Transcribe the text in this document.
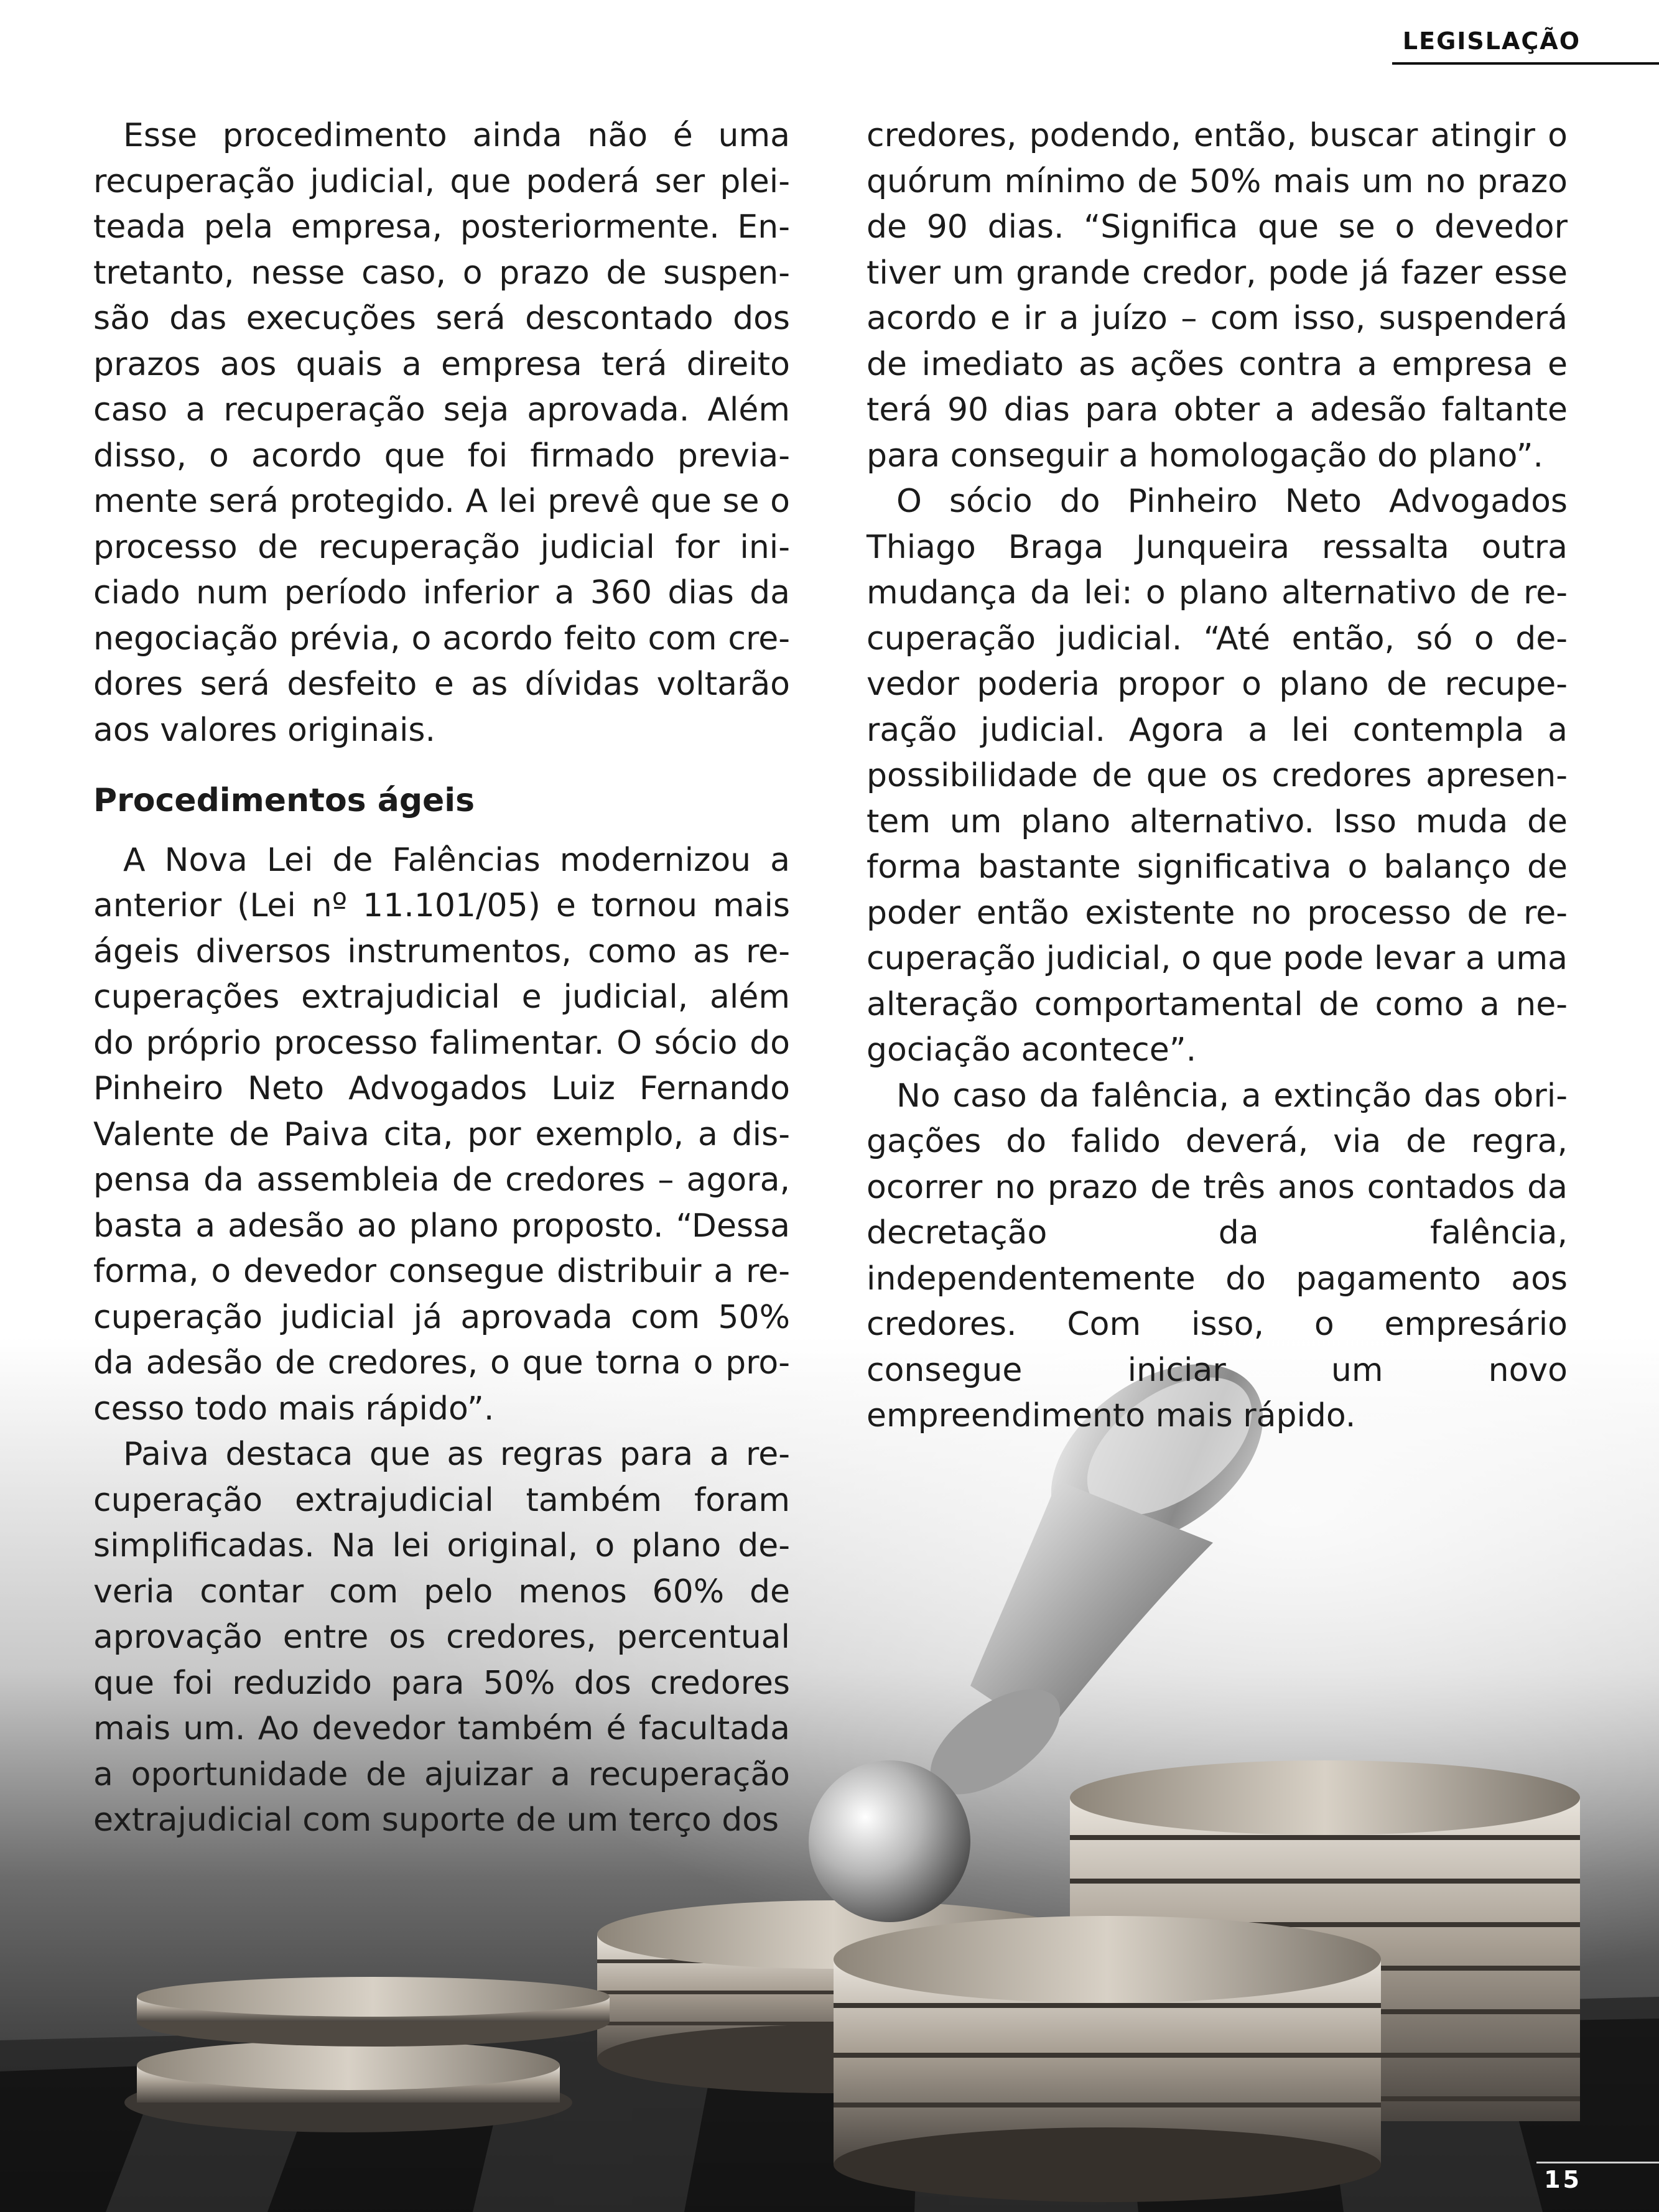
LEGISLAÇÃO

Esse procedimento ainda não é uma recuperação judicial, que poderá ser pleiteada pela empresa, posteriormente. Entretanto, nesse caso, o prazo de suspensão das execuções será descontado dos prazos aos quais a empresa terá direito caso a recuperação seja aprovada. Além disso, o acordo que foi firmado previamente será protegido. A lei prevê que se o processo de recuperação judicial for iniciado num período inferior a 360 dias da negociação prévia, o acordo feito com credores será desfeito e as dívidas voltarão aos valores originais.

Procedimentos ágeis

A Nova Lei de Falências modernizou a anterior (Lei nº 11.101/05) e tornou mais ágeis diversos instrumentos, como as recuperações extrajudicial e judicial, além do próprio processo falimentar. O sócio do Pinheiro Neto Advogados Luiz Fernando Valente de Paiva cita, por exemplo, a dispensa da assembleia de credores – agora, basta a adesão ao plano proposto. “Dessa forma, o devedor consegue distribuir a recuperação judicial já aprovada com 50% da adesão de credores, o que torna o processo todo mais rápido”.

Paiva destaca que as regras para a recuperação extrajudicial também foram simplificadas. Na lei original, o plano deveria contar com pelo menos 60% de aprovação entre os credores, percentual que foi reduzido para 50% dos credores mais um. Ao devedor também é facultada a oportunidade de ajuizar a recuperação extrajudicial com suporte de um terço dos

credores, podendo, então, buscar atingir o quórum mínimo de 50% mais um no prazo de 90 dias. “Significa que se o devedor tiver um grande credor, pode já fazer esse acordo e ir a juízo – com isso, suspenderá de imediato as ações contra a empresa e terá 90 dias para obter a adesão faltante para conseguir a homologação do plano”.

O sócio do Pinheiro Neto Advogados Thiago Braga Junqueira ressalta outra mudança da lei: o plano alternativo de recuperação judicial. “Até então, só o devedor poderia propor o plano de recuperação judicial. Agora a lei contempla a possibilidade de que os credores apresentem um plano alternativo. Isso muda de forma bastante significativa o balanço de poder então existente no processo de recuperação judicial, o que pode levar a uma alteração comportamental de como a negociação acontece”.

No caso da falência, a extinção das obrigações do falido deverá, via de regra, ocorrer no prazo de três anos contados da decretação da falência, independentemente do pagamento aos credores. Com isso, o empresário consegue iniciar um novo empreendimento mais rápido.

15
